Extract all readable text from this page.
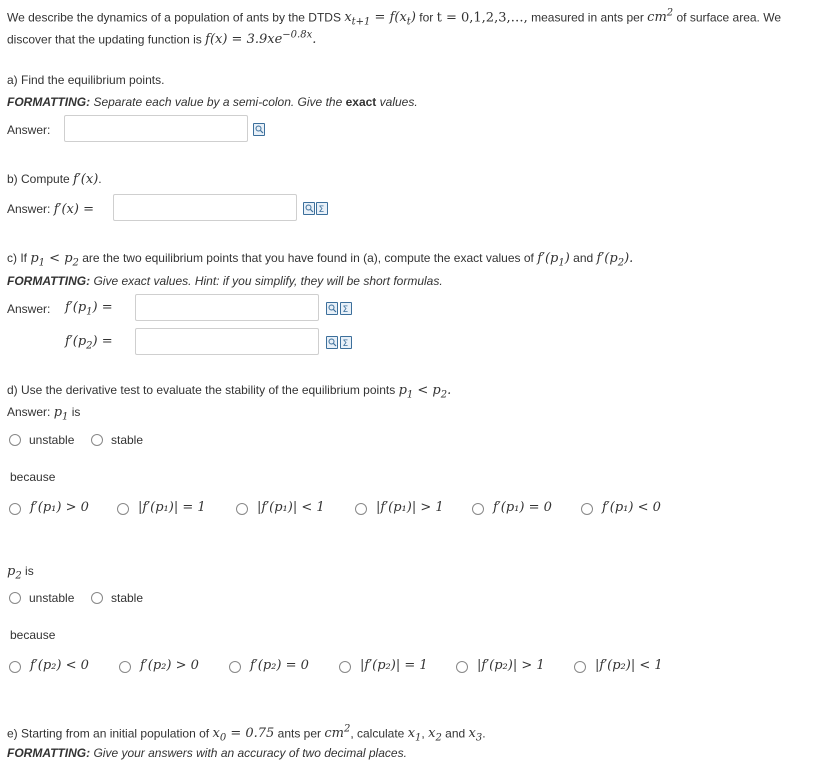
We describe the dynamics of a population of ants by the DTDS $x_{t+1} = f(x_t)$ for t = 0,1,2,3,…, measured in ants per $cm^2$ of surface area. We
discover that the updating function is $f(x) = 3.9xe^{-0.8x}$.
a) Find the equilibrium points.
FORMATTING: Separate each value by a semi-colon. Give the exact values.
Answer:
b) Compute f′(x).
Answer: f′(x) =	Σ
c) If $p_1 < p_2$ are the two equilibrium points that you have found in (a), compute the exact values of $f'(p_1)$ and $f'(p_2)$.
FORMATTING: Give exact values. Hint: if you simplify, they will be short formulas.
Answer: $f'(p_1)$ =	Σ
$f'(p_2)$ =	Σ
d) Use the derivative test to evaluate the stability of the equilibrium points $p_1 < p_2$.
Answer: $p_1$ is
unstable	stable
because
f′(p₁) > 0	|f′(p₁)| = 1	|f′(p₁)| < 1	|f′(p₁)| > 1	f′(p₁) = 0	f′(p₁) < 0
$p_2$ is
unstable	stable
because
f′(p₂) < 0	f′(p₂) > 0	f′(p₂) = 0	|f′(p₂)| = 1	|f′(p₂)| > 1	|f′(p₂)| < 1
e) Starting from an initial population of $x_0 = 0.75$ ants per $cm^2$, calculate $x_1$, $x_2$ and $x_3$.
FORMATTING: Give your answers with an accuracy of two decimal places.
